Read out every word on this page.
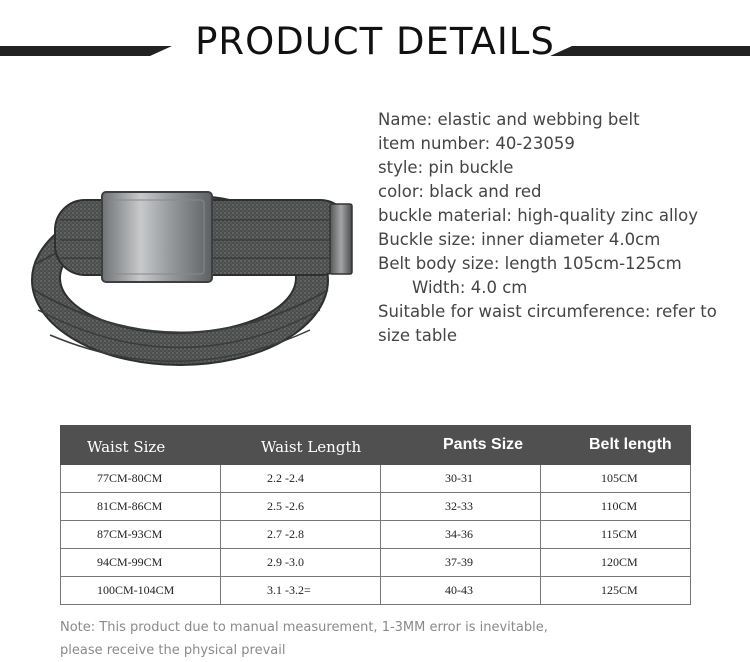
PRODUCT DETAILS
Name: elastic and webbing belt
item number: 40-23059
style: pin buckle
color: black and red
buckle material: high-quality zinc alloy
Buckle size: inner diameter 4.0cm
Belt body size: length 105cm-125cm
Width: 4.0 cm
Suitable for waist circumference: refer to size table
Waist Size	Waist Length	Pants Size	Belt length
77CM-80CM	2.2 -2.4	30-31	105CM
81CM-86CM	2.5 -2.6	32-33	110CM
87CM-93CM	2.7 -2.8	34-36	115CM
94CM-99CM	2.9 -3.0	37-39	120CM
100CM-104CM	3.1 -3.2=	40-43	125CM

Note: This product due to manual measurement, 1-3MM error is inevitable,
please receive the physical prevail
